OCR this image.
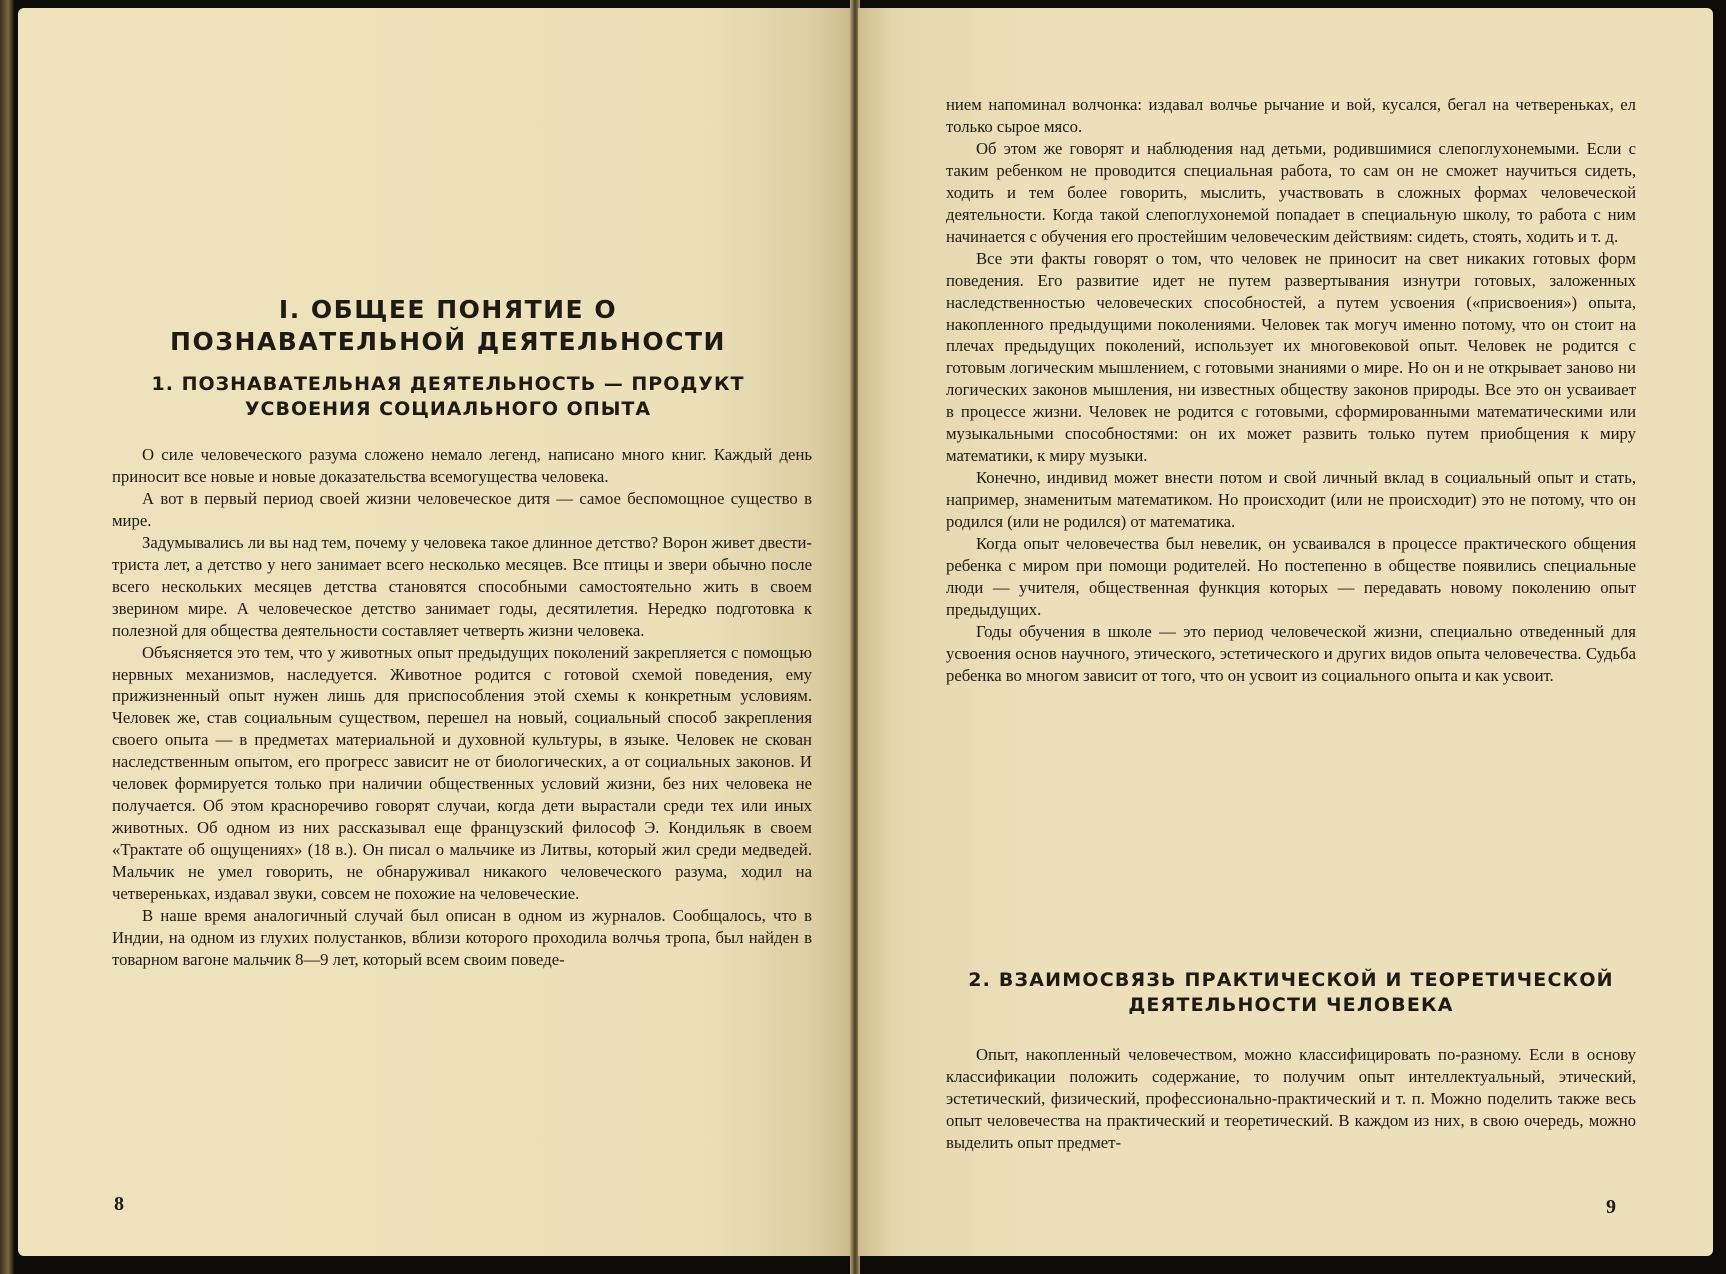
I. ОБЩЕЕ ПОНЯТИЕ О ПОЗНАВАТЕЛЬНОЙ ДЕЯТЕЛЬНОСТИ
1. ПОЗНАВАТЕЛЬНАЯ ДЕЯТЕЛЬНОСТЬ — ПРОДУКТ УСВОЕНИЯ СОЦИАЛЬНОГО ОПЫТА

О силе человеческого разума сложено немало легенд, написано много книг. Каждый день приносит все новые и новые доказательства всемогущества человека.

А вот в первый период своей жизни человеческое дитя — самое беспомощное существо в мире.

Задумывались ли вы над тем, почему у человека такое длинное детство? Ворон живет двести-триста лет, а детство у него занимает всего несколько месяцев. Все птицы и звери обычно после всего нескольких месяцев детства становятся способными самостоятельно жить в своем зверином мире. А человеческое детство занимает годы, десятилетия. Нередко подготовка к полезной для общества деятельности составляет четверть жизни человека.

Объясняется это тем, что у животных опыт предыдущих поколений закрепляется с помощью нервных механизмов, наследуется. Животное родится с готовой схемой поведения, ему прижизненный опыт нужен лишь для приспособления этой схемы к конкретным условиям. Человек же, став социальным существом, перешел на новый, социальный способ закрепления своего опыта — в предметах материальной и духовной культуры, в языке. Человек не скован наследственным опытом, его прогресс зависит не от биологических, а от социальных законов. И человек формируется только при наличии общественных условий жизни, без них человека не получается. Об этом красноречиво говорят случаи, когда дети вырастали среди тех или иных животных. Об одном из них рассказывал еще французский философ Э. Кондильяк в своем «Трактате об ощущениях» (18 в.). Он писал о мальчике из Литвы, который жил среди медведей. Мальчик не умел говорить, не обнаруживал никакого человеческого разума, ходил на четвереньках, издавал звуки, совсем не похожие на человеческие.

В наше время аналогичный случай был описан в одном из журналов. Сообщалось, что в Индии, на одном из глухих полустанков, вблизи которого проходила волчья тропа, был найден в товарном вагоне мальчик 8—9 лет, который всем своим поведе-

8

нием напоминал волчонка: издавал волчье рычание и вой, кусался, бегал на четвереньках, ел только сырое мясо.

Об этом же говорят и наблюдения над детьми, родившимися слепоглухонемыми. Если с таким ребенком не проводится специальная работа, то сам он не сможет научиться сидеть, ходить и тем более говорить, мыслить, участвовать в сложных формах человеческой деятельности. Когда такой слепоглухонемой попадает в специальную школу, то работа с ним начинается с обучения его простейшим человеческим действиям: сидеть, стоять, ходить и т. д.

Все эти факты говорят о том, что человек не приносит на свет никаких готовых форм поведения. Его развитие идет не путем развертывания изнутри готовых, заложенных наследственностью человеческих способностей, а путем усвоения («присвоения») опыта, накопленного предыдущими поколениями. Человек так могуч именно потому, что он стоит на плечах предыдущих поколений, использует их многовековой опыт. Человек не родится с готовым логическим мышлением, с готовыми знаниями о мире. Но он и не открывает заново ни логических законов мышления, ни известных обществу законов природы. Все это он усваивает в процессе жизни. Человек не родится с готовыми, сформированными математическими или музыкальными способностями: он их может развить только путем приобщения к миру математики, к миру музыки.

Конечно, индивид может внести потом и свой личный вклад в социальный опыт и стать, например, знаменитым математиком. Но происходит (или не происходит) это не потому, что он родился (или не родился) от математика.

Когда опыт человечества был невелик, он усваивался в процессе практического общения ребенка с миром при помощи родителей. Но постепенно в обществе появились специальные люди — учителя, общественная функция которых — передавать новому поколению опыт предыдущих.

Годы обучения в школе — это период человеческой жизни, специально отведенный для усвоения основ научного, этического, эстетического и других видов опыта человечества. Судьба ребенка во многом зависит от того, что он усвоит из социального опыта и как усвоит.

2. ВЗАИМОСВЯЗЬ ПРАКТИЧЕСКОЙ И ТЕОРЕТИЧЕСКОЙ ДЕЯТЕЛЬНОСТИ ЧЕЛОВЕКА

Опыт, накопленный человечеством, можно классифицировать по-разному. Если в основу классификации положить содержание, то получим опыт интеллектуальный, этический, эстетический, физический, профессионально-практический и т. п. Можно поделить также весь опыт человечества на практический и теоретический. В каждом из них, в свою очередь, можно выделить опыт предмет-

9
